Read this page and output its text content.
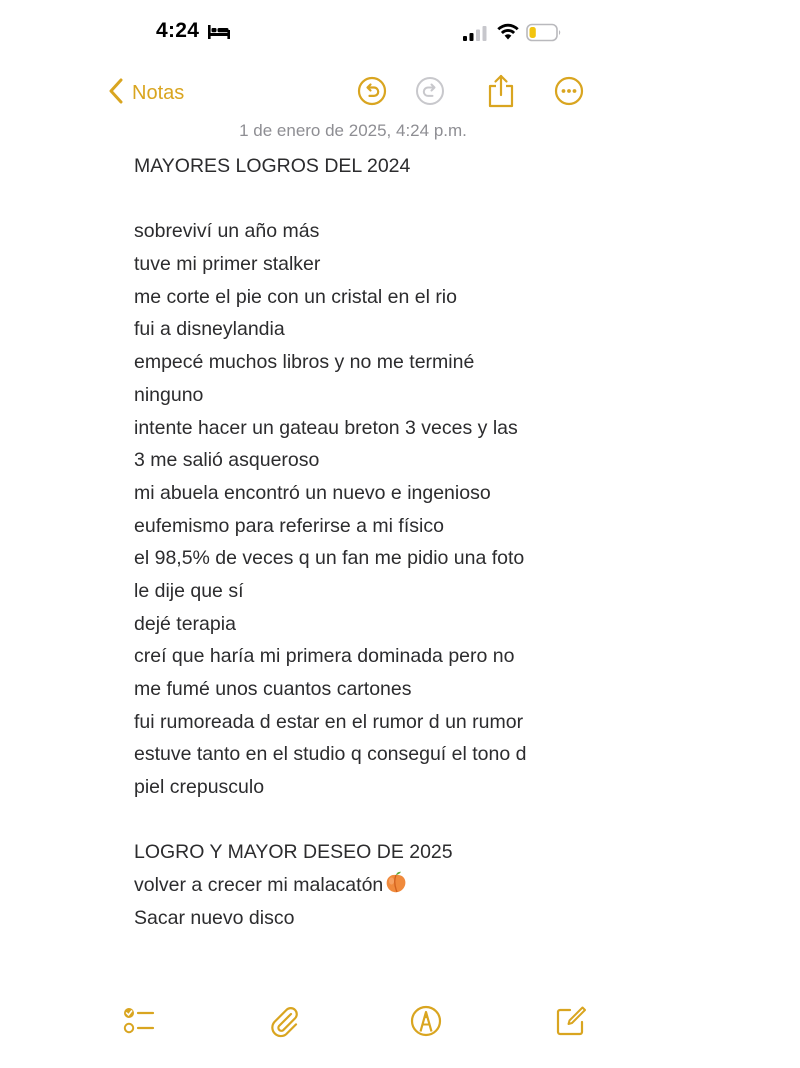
4:24
Notas
1 de enero de 2025, 4:24 p.m.
MAYORES LOGROS DEL 2024
sobreviví un año más
tuve mi primer stalker
me corte el pie con un cristal en el rio
fui a disneylandia
empecé muchos libros y no me terminé
ninguno
intente hacer un gateau breton 3 veces y las
3 me salió asqueroso
mi abuela encontró un nuevo e ingenioso
eufemismo para referirse a mi físico
el 98,5% de veces q un fan me pidio una foto
le dije que sí
dejé terapia
creí que haría mi primera dominada pero no
me fumé unos cuantos cartones
fui rumoreada d estar en el rumor d un rumor
estuve tanto en el studio q conseguí el tono d
piel crepusculo
LOGRO Y MAYOR DESEO DE 2025
volver a crecer mi malacatón
Sacar nuevo disco
